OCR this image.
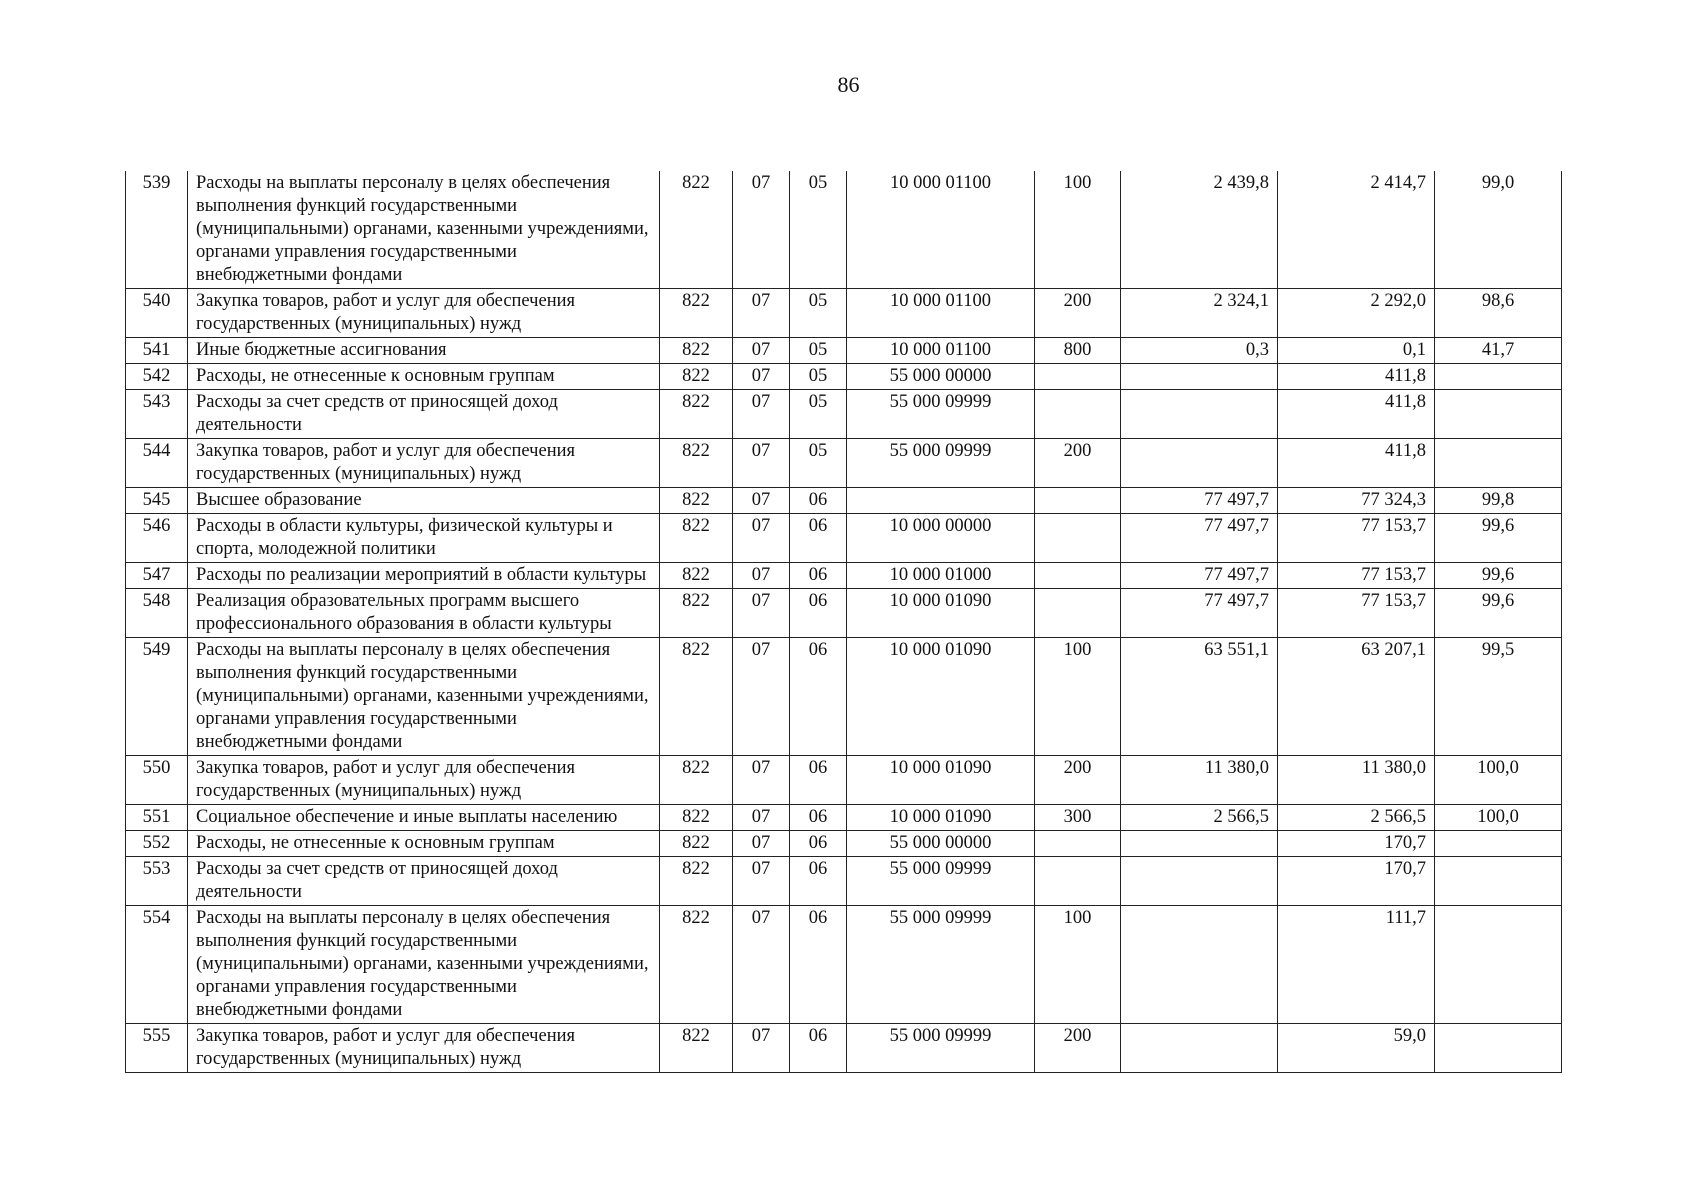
86
539	Расходы на выплаты персоналу в целях обеспечения выполнения функций государственными (муниципальными) органами, казенными учреждениями, органами управления государственными внебюджетными фондами	822	07	05	10 000 01100	100	2 439,8	2 414,7	99,0
540	Закупка товаров, работ и услуг для обеспечения государственных (муниципальных) нужд	822	07	05	10 000 01100	200	2 324,1	2 292,0	98,6
541	Иные бюджетные ассигнования	822	07	05	10 000 01100	800	0,3	0,1	41,7
542	Расходы, не отнесенные к основным группам	822	07	05	55 000 00000			411,8	
543	Расходы за счет средств от приносящей доход деятельности	822	07	05	55 000 09999			411,8	
544	Закупка товаров, работ и услуг для обеспечения государственных (муниципальных) нужд	822	07	05	55 000 09999	200		411,8	
545	Высшее образование	822	07	06			77 497,7	77 324,3	99,8
546	Расходы в области культуры, физической культуры и спорта, молодежной политики	822	07	06	10 000 00000		77 497,7	77 153,7	99,6
547	Расходы по реализации мероприятий в области культуры	822	07	06	10 000 01000		77 497,7	77 153,7	99,6
548	Реализация образовательных программ высшего профессионального образования в области культуры	822	07	06	10 000 01090		77 497,7	77 153,7	99,6
549	Расходы на выплаты персоналу в целях обеспечения выполнения функций государственными (муниципальными) органами, казенными учреждениями, органами управления государственными внебюджетными фондами	822	07	06	10 000 01090	100	63 551,1	63 207,1	99,5
550	Закупка товаров, работ и услуг для обеспечения государственных (муниципальных) нужд	822	07	06	10 000 01090	200	11 380,0	11 380,0	100,0
551	Социальное обеспечение и иные выплаты населению	822	07	06	10 000 01090	300	2 566,5	2 566,5	100,0
552	Расходы, не отнесенные к основным группам	822	07	06	55 000 00000			170,7	
553	Расходы за счет средств от приносящей доход деятельности	822	07	06	55 000 09999			170,7	
554	Расходы на выплаты персоналу в целях обеспечения выполнения функций государственными (муниципальными) органами, казенными учреждениями, органами управления государственными внебюджетными фондами	822	07	06	55 000 09999	100		111,7	
555	Закупка товаров, работ и услуг для обеспечения государственных (муниципальных) нужд	822	07	06	55 000 09999	200		59,0	
